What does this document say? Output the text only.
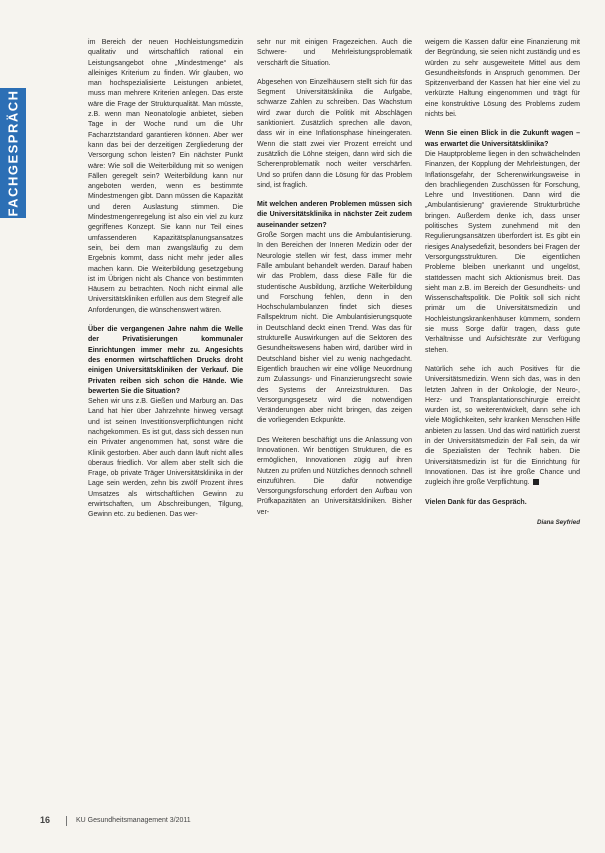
FACHGESPRÄCH

im Bereich der neuen Hochleistungsmedizin qualitativ und wirtschaftlich rational ein Leistungsangebot ohne „Mindestmenge“ als alleiniges Kriterium zu finden. Wir glauben, wo man hochspezialisierte Leistungen anbietet, muss man mehrere Kriterien anlegen. Das erste wäre die Frage der Strukturqualität. Man müsste, z.B. wenn man Neonatologie anbietet, sieben Tage in der Woche rund um die Uhr Facharztstandard garantieren können. Aber wer kann das bei der derzeitigen Zergliederung der Versorgung schon leisten? Ein nächster Punkt wäre: Wie soll die Weiterbildung mit so wenigen Fällen geregelt sein? Weiterbildung kann nur angeboten werden, wenn es bestimmte Mindestmengen gibt. Dann müssen die Kapazität und deren Auslastung stimmen. Die Mindestmengenregelung ist also ein viel zu kurz gegriffenes Konzept. Sie kann nur Teil eines umfassenderen Kapazitätsplanungsansatzes sein, bei dem man zwangsläufig zu dem Ergebnis kommt, dass nicht mehr jeder alles machen kann. Die Weiterbildung gesetzgebung ist im Übrigen nicht als Chance von bestimmten Häusern zu betrachten. Noch nicht einmal alle Universitätskliniken erfüllen aus dem Stegreif alle Anforderungen, die wünschenswert wären.

Über die vergangenen Jahre nahm die Welle der Privatisierungen kommunaler Einrichtungen immer mehr zu. Angesichts des enormen wirtschaftlichen Drucks droht einigen Universitätskliniken der Verkauf. Die Privaten reiben sich schon die Hände. Wie bewerten Sie die Situation?

Sehen wir uns z.B. Gießen und Marburg an. Das Land hat hier über Jahrzehnte hinweg versagt und ist seinen Investitionsverpflichtungen nicht nachgekommen. Es ist gut, dass sich dessen nun ein Privater angenommen hat, sonst wäre die Klinik gestorben. Aber auch dann läuft nicht alles überaus friedlich. Vor allem aber stellt sich die Frage, ob private Träger Universitätsklinika in der Lage sein werden, zehn bis zwölf Prozent ihres Umsatzes als wirtschaftlichen Gewinn zu erwirtschaften, um Abschreibungen, Tilgung, Gewinn etc. zu bedienen. Das wer-

sehr nur mit einigen Fragezeichen. Auch die Schwere- und Mehrleistungsproblematik verschärft die Situation.

Abgesehen von Einzelhäusern stellt sich für das Segment Universitätsklinika die Aufgabe, schwarze Zahlen zu schreiben. Das Wachstum wird zwar durch die Politik mit Abschlägen sanktioniert. Zusätzlich sprechen alle davon, dass wir in eine Inflationsphase hineingeraten. Wenn die statt zwei vier Prozent erreicht und zusätzlich die Löhne steigen, dann wird sich die Scherenproblematik noch weiter verschärfen. Und so prüfen dann die Lösung für das Problem sind, ist fraglich.

Mit welchen anderen Problemen müssen sich die Universitätsklinika in nächster Zeit zudem auseinander setzen?

Große Sorgen macht uns die Ambulantisierung. In den Bereichen der Inneren Medizin oder der Neurologie stellen wir fest, dass immer mehr Fälle ambulant behandelt werden. Darauf haben wir das Problem, dass diese Fälle für die studentische Ausbildung, ärztliche Weiterbildung und Forschung fehlen, denn in den Hochschulambulanzen findet sich dieses Fallspektrum nicht. Die Ambulantisierungsquote in Deutschland deckt einen Trend. Was das für strukturelle Auswirkungen auf die Sektoren des Gesundheitswesens haben wird, darüber wird in Deutschland bisher viel zu wenig nachgedacht. Eigentlich brauchen wir eine völlige Neuordnung zum Zulassungs- und Finanzierungsrecht sowie des Systems der Anreizstrukturen. Das Versorgungsgesetz wird die notwendigen Veränderungen aber nicht bringen, das zeigen die vorliegenden Eckpunkte.

Des Weiteren beschäftigt uns die Anlassung von Innovationen. Wir benötigen Strukturen, die es ermöglichen, Innovationen zügig auf ihren Nutzen zu prüfen und Nützliches dennoch schnell einzuführen. Die dafür notwendige Versorgungsforschung erfordert den Aufbau von Prüfkapazitäten an Universitätskliniken. Bisher ver-

weigern die Kassen dafür eine Finanzierung mit der Begründung, sie seien nicht zuständig und es würden zu sehr ausgeweitete Mittel aus dem Gesundheitsfonds in Anspruch genommen. Der Spitzenverband der Kassen hat hier eine viel zu verkürzte Haltung eingenommen und trägt für eine konstruktive Lösung des Problems zudem nichts bei.

Wenn Sie einen Blick in die Zukunft wagen – was erwartet die Universitätsklinika?

Die Hauptprobleme liegen in den schwächelnden Finanzen, der Kopplung der Mehrleistungen, der Inflationsgefahr, der Scherenwirkungsweise in den brachliegenden Zuschüssen für Forschung, Lehre und Investitionen. Dann wird die „Ambulantisierung“ gravierende Strukturbrüche bringen. Außerdem denke ich, dass unser politisches System zunehmend mit den Regulierungsansätzen überfordert ist. Es gibt ein riesiges Analysedefizit, besonders bei Fragen der Versorgungsstrukturen. Die eigentlichen Probleme bleiben unerkannt und ungelöst, stattdessen macht sich Aktionismus breit. Das sieht man z.B. im Bereich der Gesundheits- und Wissenschaftspolitik. Die Politik soll sich nicht primär um die Universitätsmedizin und Hochleistungskrankenhäuser kümmern, sondern sie muss Sorge dafür tragen, dass gute Verhältnisse und Aufsichtsräte zur Verfügung stehen.

Natürlich sehe ich auch Positives für die Universitätsmedizin. Wenn sich das, was in den letzten Jahren in der Onkologie, der Neuro-, Herz- und Transplantationschirurgie erreicht wurden ist, so weiterentwickelt, dann sehe ich viele Möglichkeiten, sehr kranken Menschen Hilfe anbieten zu lassen. Und das wird natürlich zuerst in der Universitätsmedizin der Fall sein, da wir die Spezialisten der Technik haben. Die Universitätsmedizin ist für die Einrichtung für Innovationen. Das ist ihre große Chance und zugleich ihre große Verpflichtung.

Vielen Dank für das Gespräch.

Diana Seyfried

16	KU Gesundheitsmanagement 3/2011
